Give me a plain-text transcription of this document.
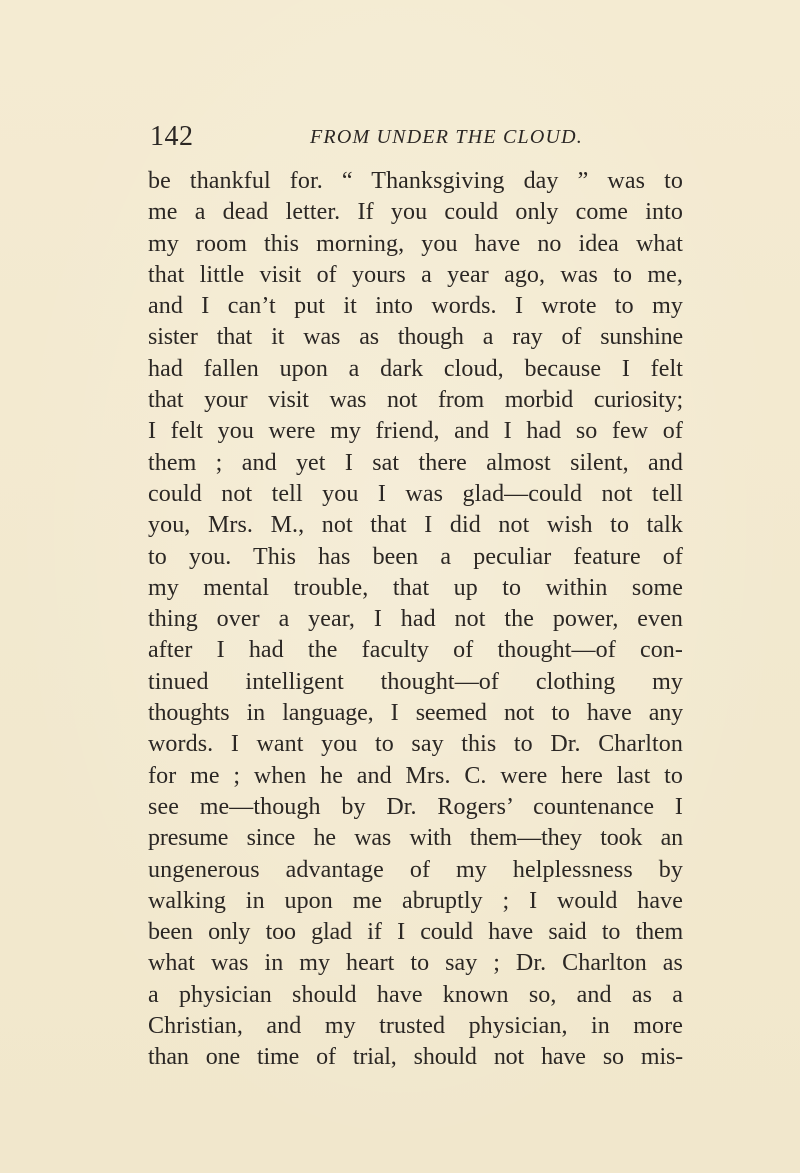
142	FROM UNDER THE CLOUD.
be thankful for. “ Thanksgiving day ” was to
me a dead letter. If you could only come into
my room this morning, you have no idea what
that little visit of yours a year ago, was to me,
and I can’t put it into words. I wrote to my
sister that it was as though a ray of sunshine
had fallen upon a dark cloud, because I felt
that your visit was not from morbid curiosity;
I felt you were my friend, and I had so few of
them ; and yet I sat there almost silent, and
could not tell you I was glad—could not tell
you, Mrs. M., not that I did not wish to talk
to you. This has been a peculiar feature of
my mental trouble, that up to within some
thing over a year, I had not the power, even
after I had the faculty of thought—of con-
tinued intelligent thought—of clothing my
thoughts in language, I seemed not to have any
words. I want you to say this to Dr. Charlton
for me ; when he and Mrs. C. were here last to
see me—though by Dr. Rogers’ countenance I
presume since he was with them—they took an
ungenerous advantage of my helplessness by
walking in upon me abruptly ; I would have
been only too glad if I could have said to them
what was in my heart to say ; Dr. Charlton as
a physician should have known so, and as a
Christian, and my trusted physician, in more
than one time of trial, should not have so mis-
